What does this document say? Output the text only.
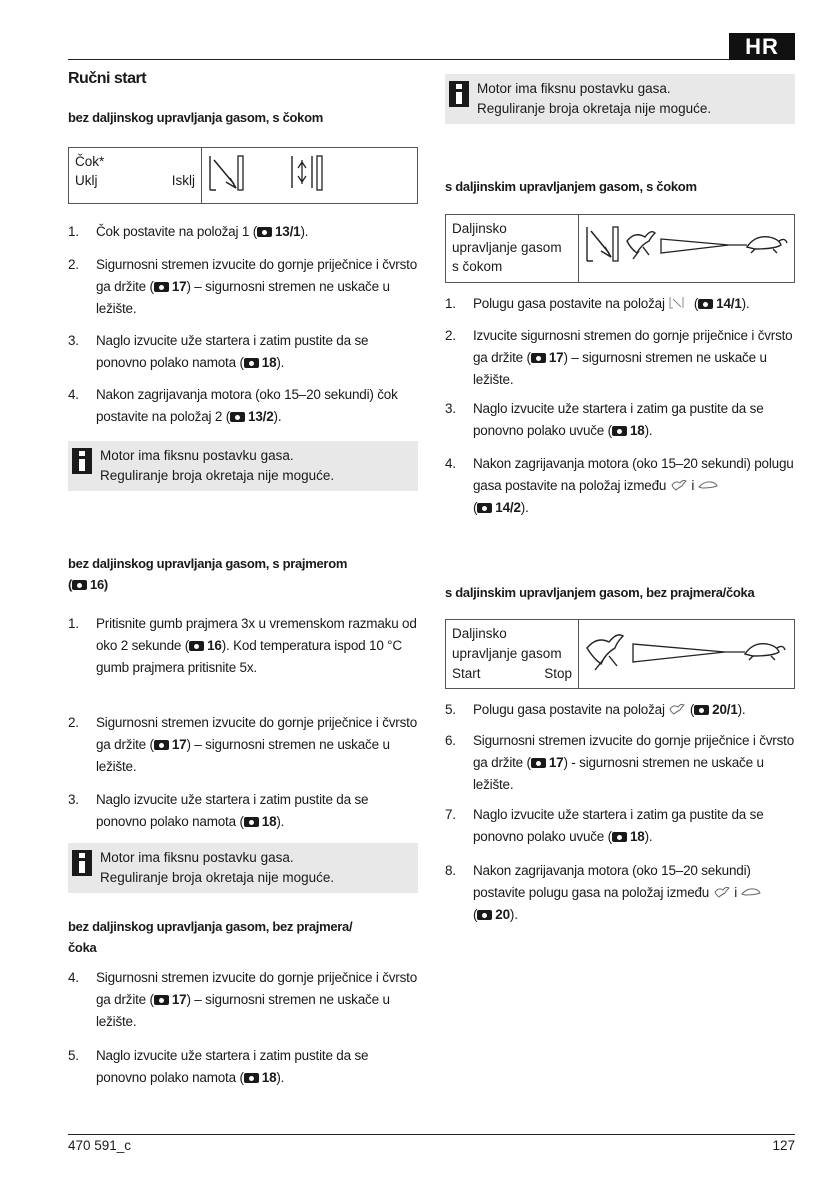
HR
Ručni start
bez daljinskog upravljanja gasom, s čokom
Čok*
Uklj	Isklj
1.	Čok postavite na položaj 1 ( 13/1).
2.	Sigurnosni stremen izvucite do gornje prijеčnice i čvrsto ga držite ( 17) – sigurnosni stremen ne uskače u ležište.
3.	Naglo izvucite uže startera i zatim pustite da se ponovno polako namota ( 18).
4.	Nakon zagrijavanja motora (oko 15–20 sekundi) čok postavite na položaj 2 ( 13/2).
Motor ima fiksnu postavku gasa.
Reguliranje broja okretaja nije moguće.
bez daljinskog upravljanja gasom, s prajmerom
( 16)
1.	Pritisnite gumb prajmera 3x u vremenskom razmaku od oko 2 sekunde ( 16). Kod temperatura ispod 10 °C gumb prajmera pritisnite 5x.
2.	Sigurnosni stremen izvucite do gornje prijеčnice i čvrsto ga držite ( 17) – sigurnosni stremen ne uskače u ležište.
3.	Naglo izvucite uže startera i zatim pustite da se ponovno polako namota ( 18).
Motor ima fiksnu postavku gasa.
Reguliranje broja okretaja nije moguće.
bez daljinskog upravljanja gasom, bez prajmera/
čoka
4.	Sigurnosni stremen izvucite do gornje prijеčnice i čvrsto ga držite ( 17) – sigurnosni stremen ne uskače u ležište.
5.	Naglo izvucite uže startera i zatim pustite da se ponovno polako namota ( 18).
Motor ima fiksnu postavku gasa.
Reguliranje broja okretaja nije moguće.
s daljinskim upravljanjem gasom, s čokom
Daljinsko
upravljanje gasom
s čokom
1.	Polugu gasa postavite na položaj  ( 14/1).
2.	Izvucite sigurnosni stremen do gornje prijеčnice i čvrsto ga držite ( 17) – sigurnosni stremen ne uskače u ležište.
3.	Naglo izvucite uže startera i zatim ga pustite da se ponovno polako uvuče ( 18).
4.	Nakon zagrijavanja motora (oko 15–20 sekundi) polugu gasa postavite na položaj između  i
( 14/2).
s daljinskim upravljanjem gasom, bez prajmera/čoka
Daljinsko
upravljanje gasom
Start	Stop
5.	Polugu gasa postavite na položaj  ( 20/1).
6.	Sigurnosni stremen izvucite do gornje prijеčnice i čvrsto ga držite ( 17) - sigurnosni stremen ne uskače u ležište.
7.	Naglo izvucite uže startera i zatim ga pustite da se ponovno polako uvuče ( 18).
8.	Nakon zagrijavanja motora (oko 15–20 sekundi) postavite polugu gasa na položaj između  i
( 20).
470 591_c	127
